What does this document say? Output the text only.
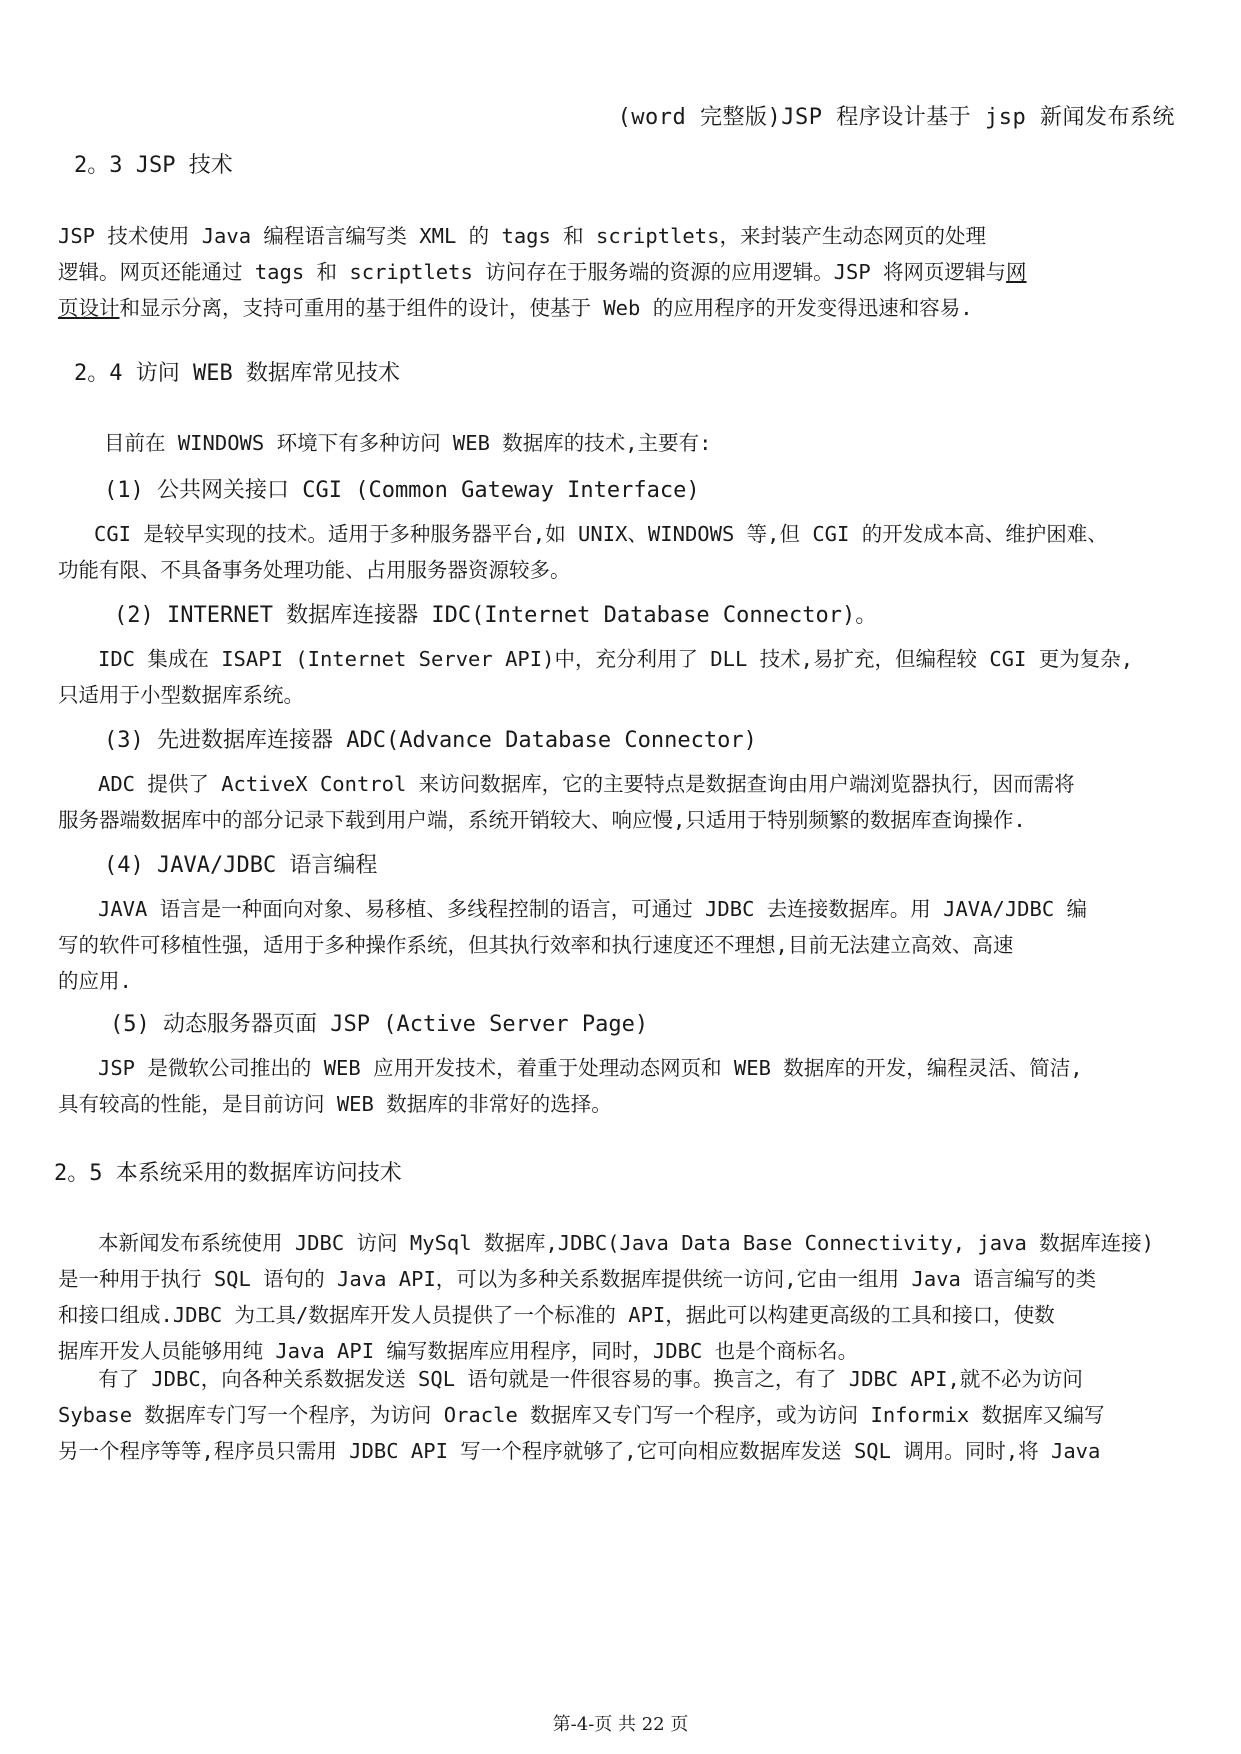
(word 完整版)JSP 程序设计基于 jsp 新闻发布系统
2。3 JSP 技术
JSP 技术使用 Java 编程语言编写类 XML 的 tags 和 scriptlets，来封装产生动态网页的处理
逻辑。网页还能通过 tags 和 scriptlets 访问存在于服务端的资源的应用逻辑。JSP 将网页逻辑与网
页设计和显示分离，支持可重用的基于组件的设计，使基于 Web 的应用程序的开发变得迅速和容易.
2。4 访问 WEB 数据库常见技术
目前在 WINDOWS 环境下有多种访问 WEB 数据库的技术,主要有:
(1) 公共网关接口 CGI (Common Gateway Interface)
CGI 是较早实现的技术。适用于多种服务器平台,如 UNIX、WINDOWS 等,但 CGI 的开发成本高、维护困难、
功能有限、不具备事务处理功能、占用服务器资源较多。
(2) INTERNET 数据库连接器 IDC(Internet Database Connector)。
IDC 集成在 ISAPI (Internet Server API)中，充分利用了 DLL 技术,易扩充，但编程较 CGI 更为复杂,
只适用于小型数据库系统。
(3) 先进数据库连接器 ADC(Advance Database Connector)
ADC 提供了 ActiveX Control 来访问数据库，它的主要特点是数据查询由用户端浏览器执行，因而需将
服务器端数据库中的部分记录下载到用户端，系统开销较大、响应慢,只适用于特别频繁的数据库查询操作.
(4) JAVA/JDBC 语言编程
JAVA 语言是一种面向对象、易移植、多线程控制的语言，可通过 JDBC 去连接数据库。用 JAVA/JDBC 编
写的软件可移植性强，适用于多种操作系统，但其执行效率和执行速度还不理想,目前无法建立高效、高速
的应用.
(5) 动态服务器页面 JSP (Active Server Page)
JSP 是微软公司推出的 WEB 应用开发技术，着重于处理动态网页和 WEB 数据库的开发，编程灵活、简洁,
具有较高的性能，是目前访问 WEB 数据库的非常好的选择。
2。5 本系统采用的数据库访问技术
本新闻发布系统使用 JDBC 访问 MySql 数据库,JDBC(Java Data Base Connectivity, java 数据库连接)
是一种用于执行 SQL 语句的 Java API，可以为多种关系数据库提供统一访问,它由一组用 Java 语言编写的类
和接口组成.JDBC 为工具/数据库开发人员提供了一个标准的 API，据此可以构建更高级的工具和接口，使数
据库开发人员能够用纯 Java API 编写数据库应用程序，同时，JDBC 也是个商标名。
有了 JDBC，向各种关系数据发送 SQL 语句就是一件很容易的事。换言之，有了 JDBC API,就不必为访问
Sybase 数据库专门写一个程序，为访问 Oracle 数据库又专门写一个程序，或为访问 Informix 数据库又编写
另一个程序等等,程序员只需用 JDBC API 写一个程序就够了,它可向相应数据库发送 SQL 调用。同时,将 Java
第-4-页 共 22 页
